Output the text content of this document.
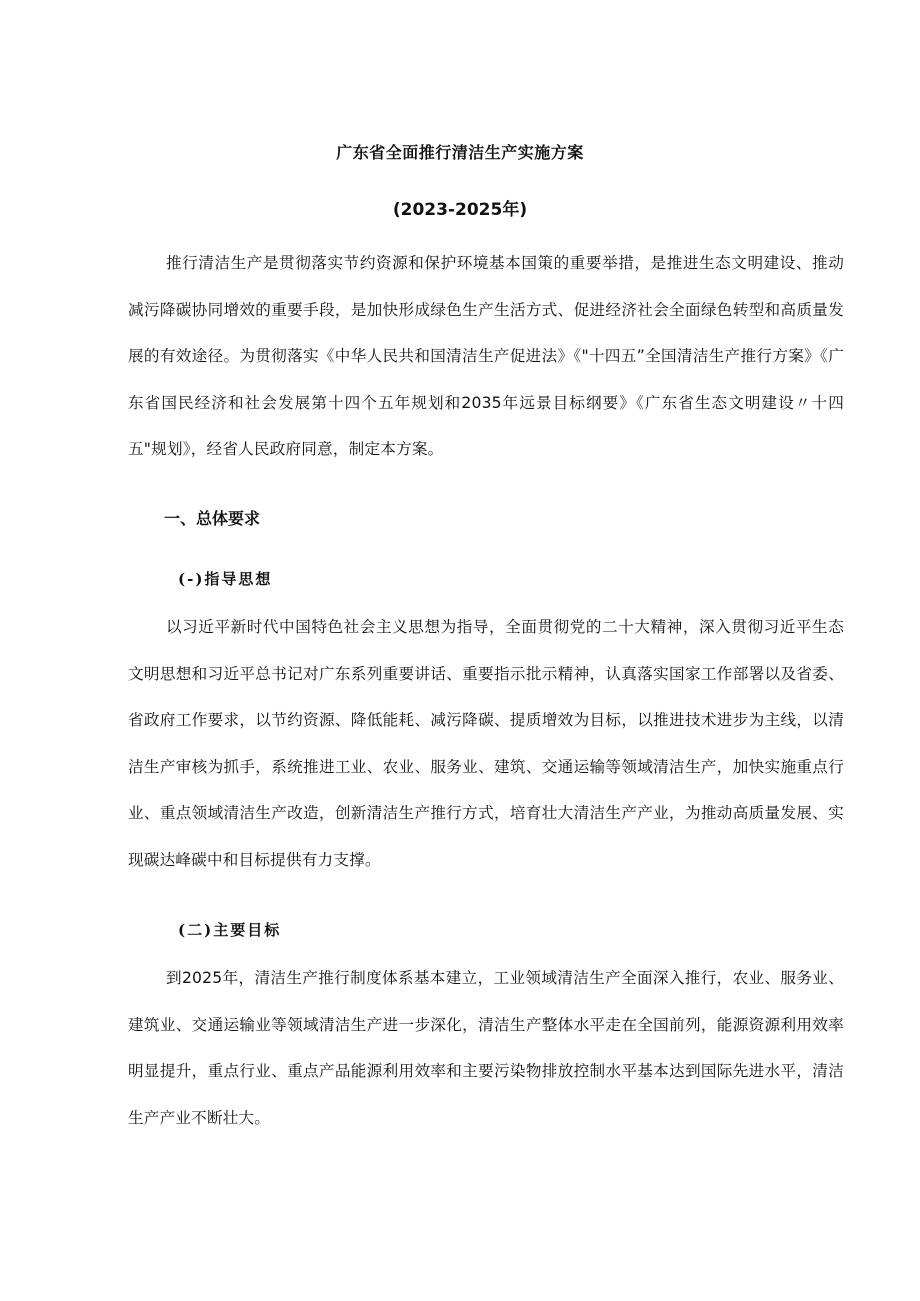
广东省全面推行清洁生产实施方案
(2023-2025年)

推行清洁生产是贯彻落实节约资源和保护环境基本国策的重要举措，是推进生态文明建设、推动减污降碳协同增效的重要手段，是加快形成绿色生产生活方式、促进经济社会全面绿色转型和高质量发展的有效途径。为贯彻落实《中华人民共和国清洁生产促进法》《"十四五”全国清洁生产推行方案》《广东省国民经济和社会发展第十四个五年规划和2035年远景目标纲要》《广东省生态文明建设〃十四五"规划》，经省人民政府同意，制定本方案。

一、总体要求
(-)指导思想

以习近平新时代中国特色社会主义思想为指导，全面贯彻党的二十大精神，深入贯彻习近平生态文明思想和习近平总书记对广东系列重要讲话、重要指示批示精神，认真落实国家工作部署以及省委、省政府工作要求，以节约资源、降低能耗、减污降碳、提质增效为目标，以推进技术进步为主线，以清洁生产审核为抓手，系统推进工业、农业、服务业、建筑、交通运输等领域清洁生产，加快实施重点行业、重点领域清洁生产改造，创新清洁生产推行方式，培育壮大清洁生产产业，为推动高质量发展、实现碳达峰碳中和目标提供有力支撑。

(二)主要目标

到2025年，清洁生产推行制度体系基本建立，工业领域清洁生产全面深入推行，农业、服务业、建筑业、交通运输业等领域清洁生产进一步深化，清洁生产整体水平走在全国前列，能源资源利用效率明显提升，重点行业、重点产品能源利用效率和主要污染物排放控制水平基本达到国际先进水平，清洁生产产业不断壮大。
